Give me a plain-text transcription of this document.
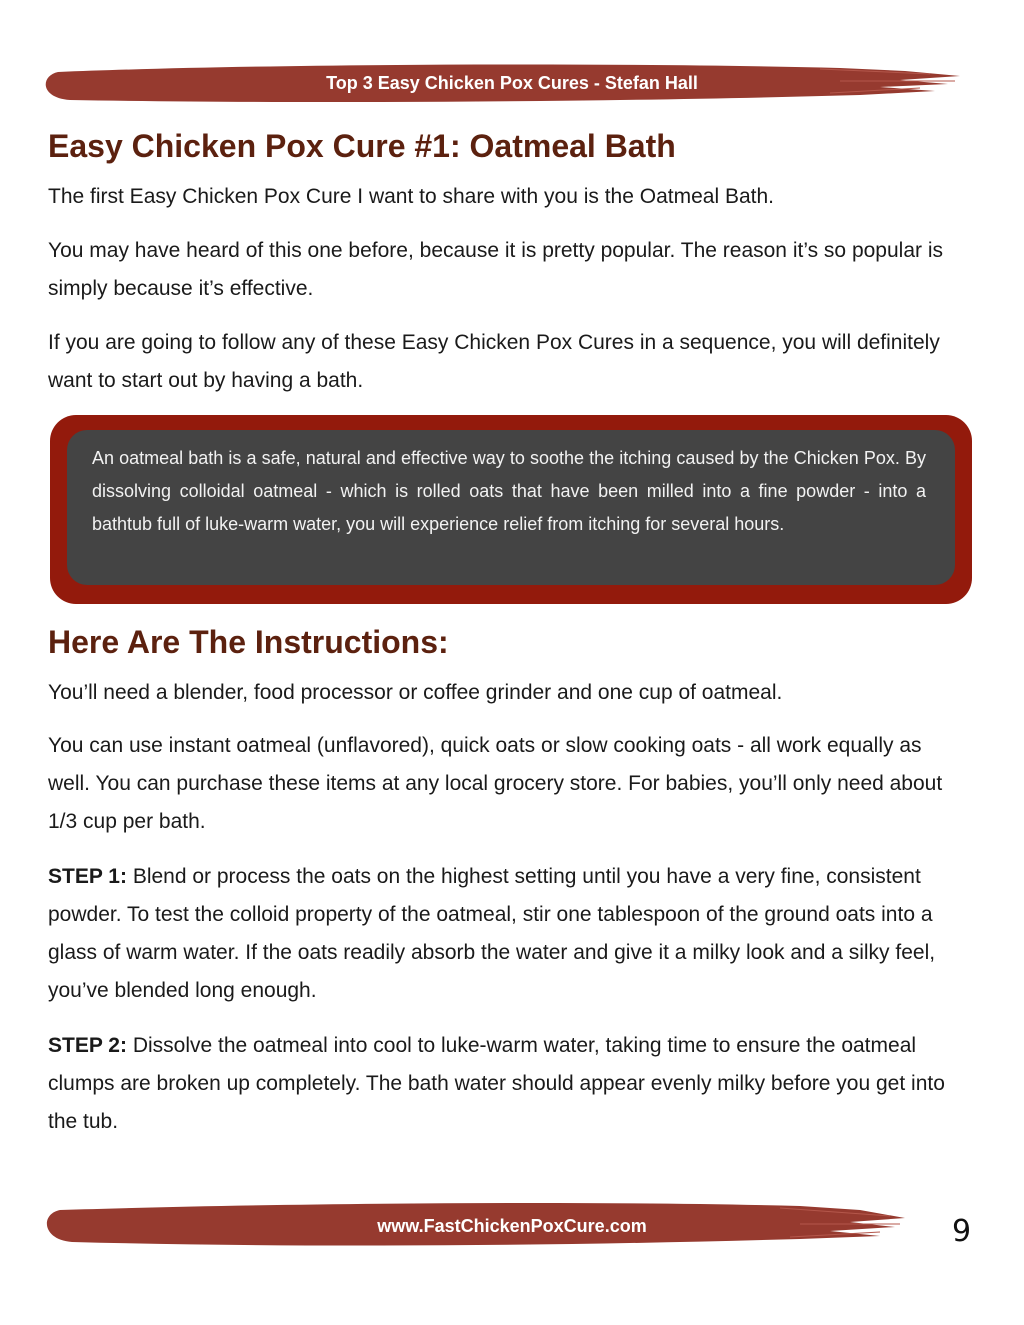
Top 3 Easy Chicken Pox Cures - Stefan Hall
Easy Chicken Pox Cure #1: Oatmeal Bath

The first Easy Chicken Pox Cure I want to share with you is the Oatmeal Bath.

You may have heard of this one before, because it is pretty popular. The reason it’s so popular is simply because it’s effective.

If you are going to follow any of these Easy Chicken Pox Cures in a sequence, you will definitely want to start out by having a bath.

An oatmeal bath is a safe, natural and effective way to soothe the itching caused by the Chicken Pox. By dissolving colloidal oatmeal - which is rolled oats that have been milled into a fine powder - into a bathtub full of luke-warm water, you will experience relief from itching for several hours.

Here Are The Instructions:

You’ll need a blender, food processor or coffee grinder and one cup of oatmeal.

You can use instant oatmeal (unflavored), quick oats or slow cooking oats - all work equally as well. You can purchase these items at any local grocery store. For babies, you’ll only need about 1/3 cup per bath.

STEP 1: Blend or process the oats on the highest setting until you have a very fine, consistent powder. To test the colloid property of the oatmeal, stir one tablespoon of the ground oats into a glass of warm water. If the oats readily absorb the water and give it a milky look and a silky feel, you’ve blended long enough.

STEP 2: Dissolve the oatmeal into cool to luke-warm water, taking time to ensure the oatmeal clumps are broken up completely. The bath water should appear evenly milky before you get into the tub.

www.FastChickenPoxCure.com	9
